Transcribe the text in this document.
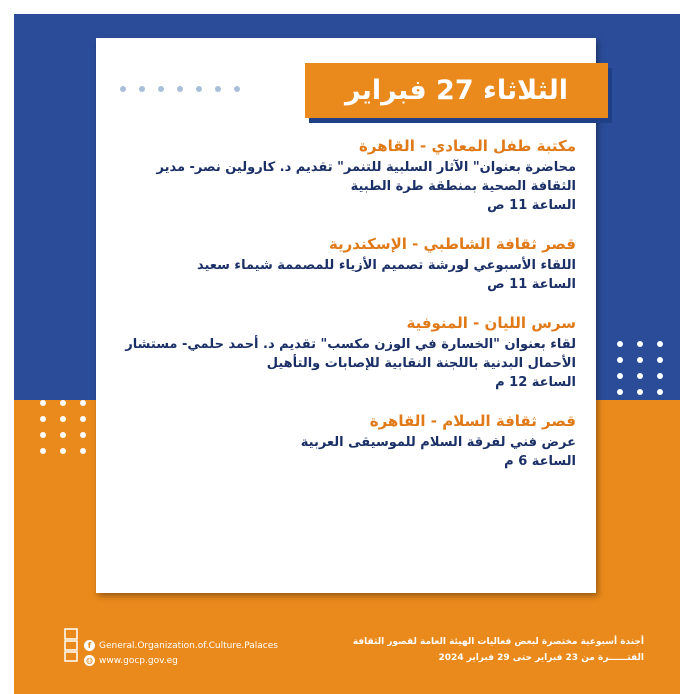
الثلاثاء 27 فبراير
مكتبة طفل المعادي - القاهرة
محاضرة بعنوان" الآثار السلبية للتنمر" تقديم د. كارولين نصر- مدير الثقافة الصحية بمنطقة طرة الطبية
الساعة 11 ص
قصر ثقافة الشاطبي - الإسكندرية
اللقاء الأسبوعي لورشة تصميم الأزياء للمصممة شيماء سعيد
الساعة 11 ص
سرس الليان - المنوفية
لقاء بعنوان "الخسارة في الوزن مكسب" تقديم د. أحمد حلمي- مستشار الأحمال البدنية باللجنة النقابية للإصابات والتأهيل
الساعة 12 م
قصر ثقافة السلام - القاهرة
عرض فني لفرقة السلام للموسيقى العربية
الساعة 6 م
f General.Organization.of.Culture.Palaces
◍ www.gocp.gov.eg
أجندة أسبوعية مختصرة لبعض فعاليات الهيئة العامة لقصور الثقافة
الفتــــــرة من 23 فبراير حتى 29 فبراير 2024
